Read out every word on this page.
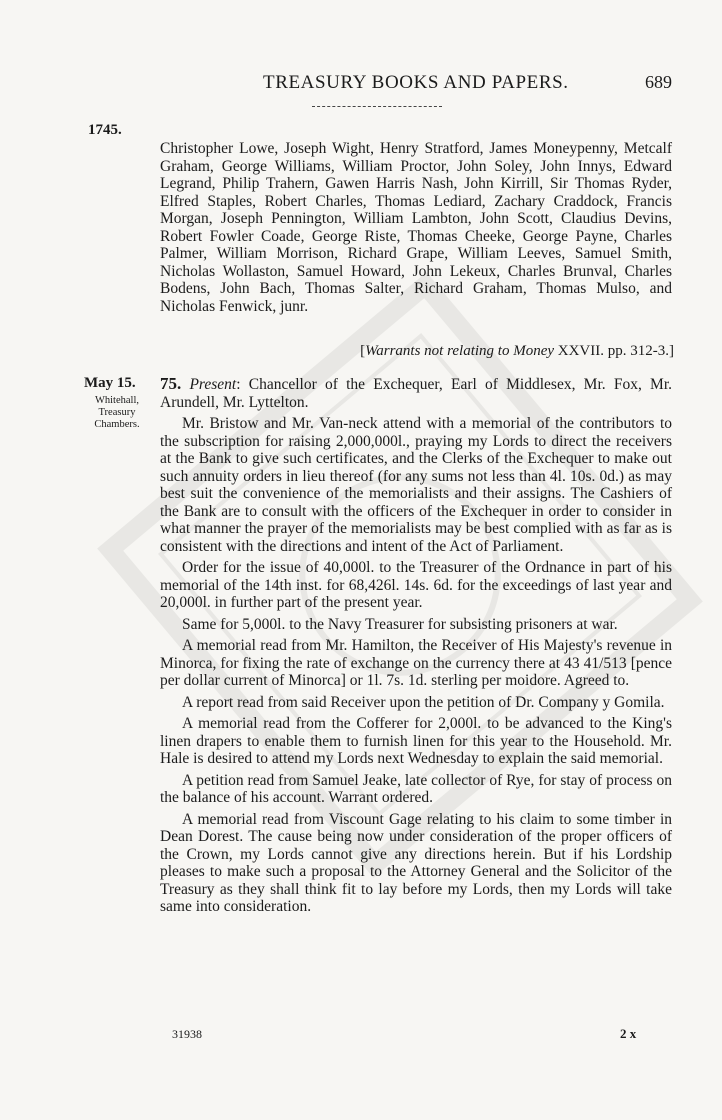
TREASURY BOOKS AND PAPERS.	689
1745.
Christopher Lowe, Joseph Wight, Henry Stratford, James Moneypenny, Metcalf Graham, George Williams, William Proctor, John Soley, John Innys, Edward Legrand, Philip Trahern, Gawen Harris Nash, John Kirrill, Sir Thomas Ryder, Elfred Staples, Robert Charles, Thomas Lediard, Zachary Craddock, Francis Morgan, Joseph Pennington, William Lambton, John Scott, Claudius Devins, Robert Fowler Coade, George Riste, Thomas Cheeke, George Payne, Charles Palmer, William Morrison, Richard Grape, William Leeves, Samuel Smith, Nicholas Wollaston, Samuel Howard, John Lekeux, Charles Brunval, Charles Bodens, John Bach, Thomas Salter, Richard Graham, Thomas Mulso, and Nicholas Fenwick, junr.
[Warrants not relating to Money XXVII. pp. 312-3.]
May 15.
Whitehall,
Treasury
Chambers.

75. Present: Chancellor of the Exchequer, Earl of Middlesex, Mr. Fox, Mr. Arundell, Mr. Lyttelton.

Mr. Bristow and Mr. Van-neck attend with a memorial of the contributors to the subscription for raising 2,000,000l., praying my Lords to direct the receivers at the Bank to give such certificates, and the Clerks of the Exchequer to make out such annuity orders in lieu thereof (for any sums not less than 4l. 10s. 0d.) as may best suit the convenience of the memorialists and their assigns. The Cashiers of the Bank are to consult with the officers of the Exchequer in order to consider in what manner the prayer of the memorialists may be best complied with as far as is consistent with the directions and intent of the Act of Parliament.

Order for the issue of 40,000l. to the Treasurer of the Ordnance in part of his memorial of the 14th inst. for 68,426l. 14s. 6d. for the exceedings of last year and 20,000l. in further part of the present year.

Same for 5,000l. to the Navy Treasurer for subsisting prisoners at war.

A memorial read from Mr. Hamilton, the Receiver of His Majesty's revenue in Minorca, for fixing the rate of exchange on the currency there at 43 41/513 [pence per dollar current of Minorca] or 1l. 7s. 1d. sterling per moidore. Agreed to.

A report read from said Receiver upon the petition of Dr. Company y Gomila.

A memorial read from the Cofferer for 2,000l. to be advanced to the King's linen drapers to enable them to furnish linen for this year to the Household. Mr. Hale is desired to attend my Lords next Wednesday to explain the said memorial.

A petition read from Samuel Jeake, late collector of Rye, for stay of process on the balance of his account. Warrant ordered.

A memorial read from Viscount Gage relating to his claim to some timber in Dean Dorest. The cause being now under consideration of the proper officers of the Crown, my Lords cannot give any directions herein. But if his Lordship pleases to make such a proposal to the Attorney General and the Solicitor of the Treasury as they shall think fit to lay before my Lords, then my Lords will take same into consideration.

31938	2 x
